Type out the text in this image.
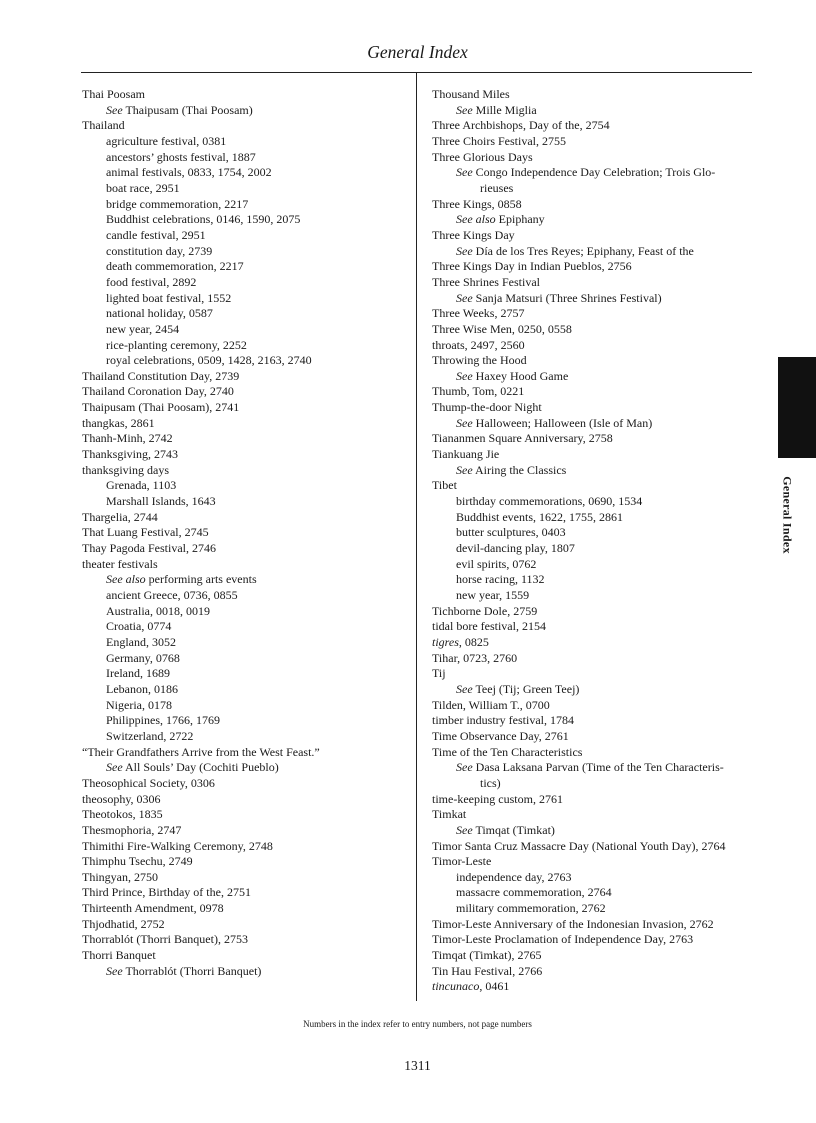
General Index
Thai Poosam
See Thaipusam (Thai Poosam)
Thailand
agriculture festival, 0381
ancestors’ ghosts festival, 1887
animal festivals, 0833, 1754, 2002
boat race, 2951
bridge commemoration, 2217
Buddhist celebrations, 0146, 1590, 2075
candle festival, 2951
constitution day, 2739
death commemoration, 2217
food festival, 2892
lighted boat festival, 1552
national holiday, 0587
new year, 2454
rice-planting ceremony, 2252
royal celebrations, 0509, 1428, 2163, 2740
Thailand Constitution Day, 2739
Thailand Coronation Day, 2740
Thaipusam (Thai Poosam), 2741
thangkas, 2861
Thanh-Minh, 2742
Thanksgiving, 2743
thanksgiving days
Grenada, 1103
Marshall Islands, 1643
Thargelia, 2744
That Luang Festival, 2745
Thay Pagoda Festival, 2746
theater festivals
See also performing arts events
ancient Greece, 0736, 0855
Australia, 0018, 0019
Croatia, 0774
England, 3052
Germany, 0768
Ireland, 1689
Lebanon, 0186
Nigeria, 0178
Philippines, 1766, 1769
Switzerland, 2722
“Their Grandfathers Arrive from the West Feast.”
See All Souls’ Day (Cochiti Pueblo)
Theosophical Society, 0306
theosophy, 0306
Theotokos, 1835
Thesmophoria, 2747
Thimithi Fire-Walking Ceremony, 2748
Thimphu Tsechu, 2749
Thingyan, 2750
Third Prince, Birthday of the, 2751
Thirteenth Amendment, 0978
Thjodhatid, 2752
Thorrablót (Thorri Banquet), 2753
Thorri Banquet
See Thorrablót (Thorri Banquet)
Thousand Miles
See Mille Miglia
Three Archbishops, Day of the, 2754
Three Choirs Festival, 2755
Three Glorious Days
See Congo Independence Day Celebration; Trois Glo-
rieuses
Three Kings, 0858
See also Epiphany
Three Kings Day
See Día de los Tres Reyes; Epiphany, Feast of the
Three Kings Day in Indian Pueblos, 2756
Three Shrines Festival
See Sanja Matsuri (Three Shrines Festival)
Three Weeks, 2757
Three Wise Men, 0250, 0558
throats, 2497, 2560
Throwing the Hood
See Haxey Hood Game
Thumb, Tom, 0221
Thump-the-door Night
See Halloween; Halloween (Isle of Man)
Tiananmen Square Anniversary, 2758
Tiankuang Jie
See Airing the Classics
Tibet
birthday commemorations, 0690, 1534
Buddhist events, 1622, 1755, 2861
butter sculptures, 0403
devil-dancing play, 1807
evil spirits, 0762
horse racing, 1132
new year, 1559
Tichborne Dole, 2759
tidal bore festival, 2154
tigres, 0825
Tihar, 0723, 2760
Tij
See Teej (Tij; Green Teej)
Tilden, William T., 0700
timber industry festival, 1784
Time Observance Day, 2761
Time of the Ten Characteristics
See Dasa Laksana Parvan (Time of the Ten Characteris-
tics)
time-keeping custom, 2761
Timkat
See Timqat (Timkat)
Timor Santa Cruz Massacre Day (National Youth Day), 2764
Timor-Leste
independence day, 2763
massacre commemoration, 2764
military commemoration, 2762
Timor-Leste Anniversary of the Indonesian Invasion, 2762
Timor-Leste Proclamation of Independence Day, 2763
Timqat (Timkat), 2765
Tin Hau Festival, 2766
tincunaco, 0461
General Index
Numbers in the index refer to entry numbers, not page numbers
1311
